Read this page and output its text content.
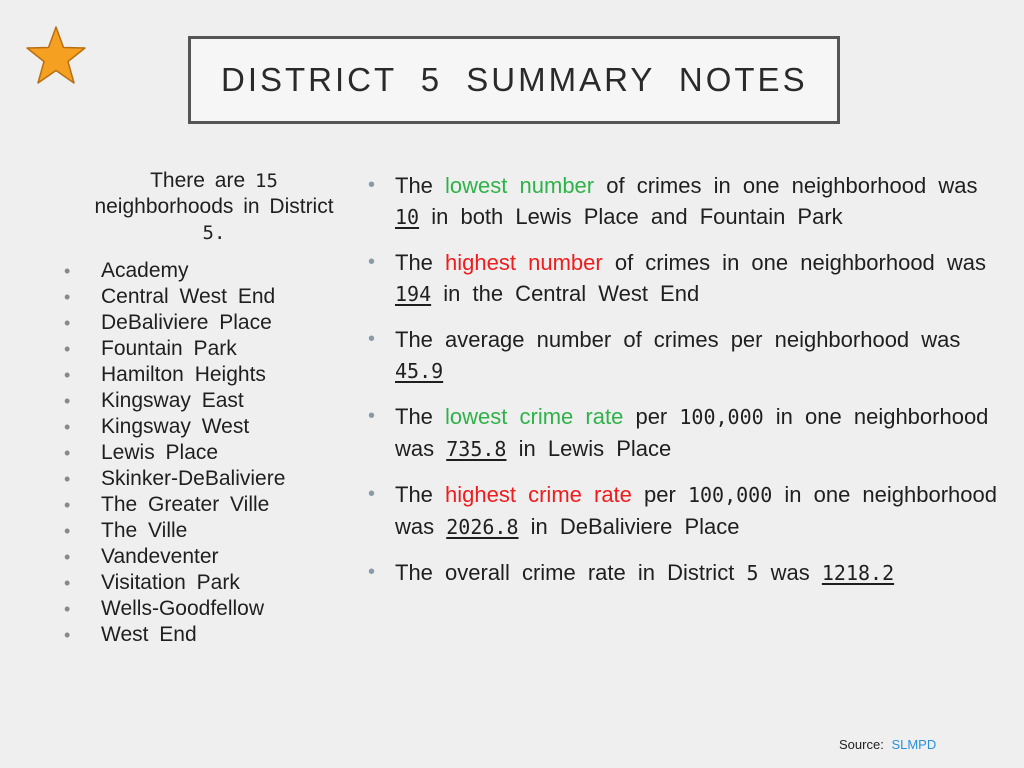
DISTRICT 5 SUMMARY NOTES

There are 15
neighborhoods in District
5.

• Academy
• Central West End
• DeBaliviere Place
• Fountain Park
• Hamilton Heights
• Kingsway East
• Kingsway West
• Lewis Place
• Skinker-DeBaliviere
• The Greater Ville
• The Ville
• Vandeventer
• Visitation Park
• Wells-Goodfellow
• West End
• The lowest number of crimes in one neighborhood was 10 in both Lewis Place and Fountain Park
• The highest number of crimes in one neighborhood was 194 in the Central West End
• The average number of crimes per neighborhood was 45.9
• The lowest crime rate per 100,000 in one neighborhood was 735.8 in Lewis Place
• The highest crime rate per 100,000 in one neighborhood was 2026.8 in DeBaliviere Place
• The overall crime rate in District 5 was 1218.2
Source: SLMPD
